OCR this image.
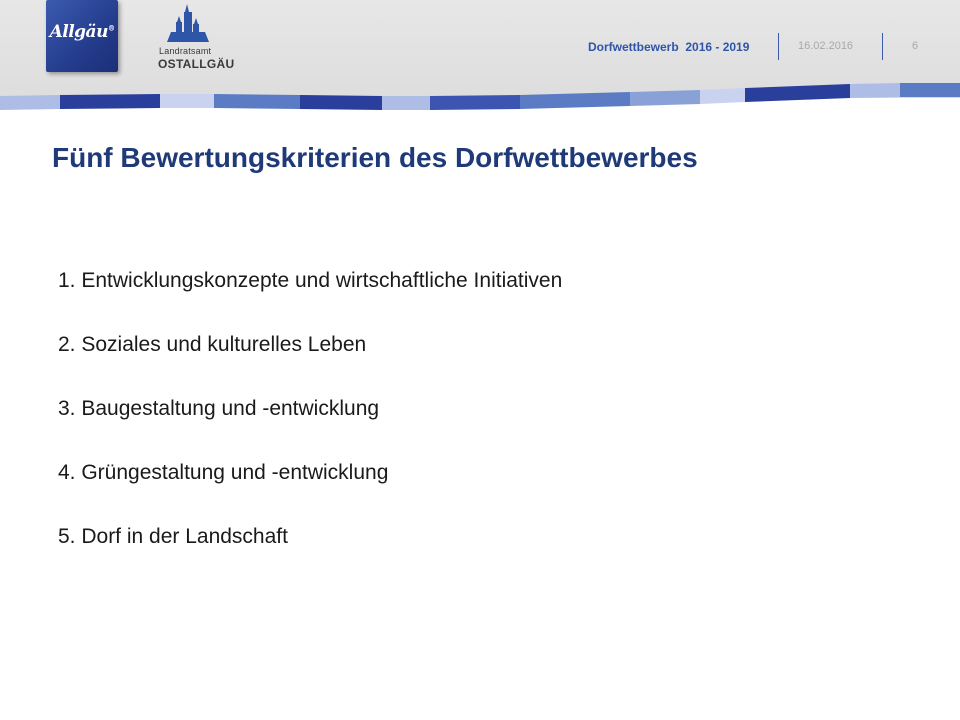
Allgäu®
Landratsamt
OSTALLGÄU
Dorfwettbewerb  2016 - 2019	16.02.2016	6
Fünf Bewertungskriterien des Dorfwettbewerbes
1. Entwicklungskonzepte und wirtschaftliche Initiativen
2. Soziales und kulturelles Leben
3. Baugestaltung und -entwicklung
4. Grüngestaltung und -entwicklung
5. Dorf in der Landschaft
